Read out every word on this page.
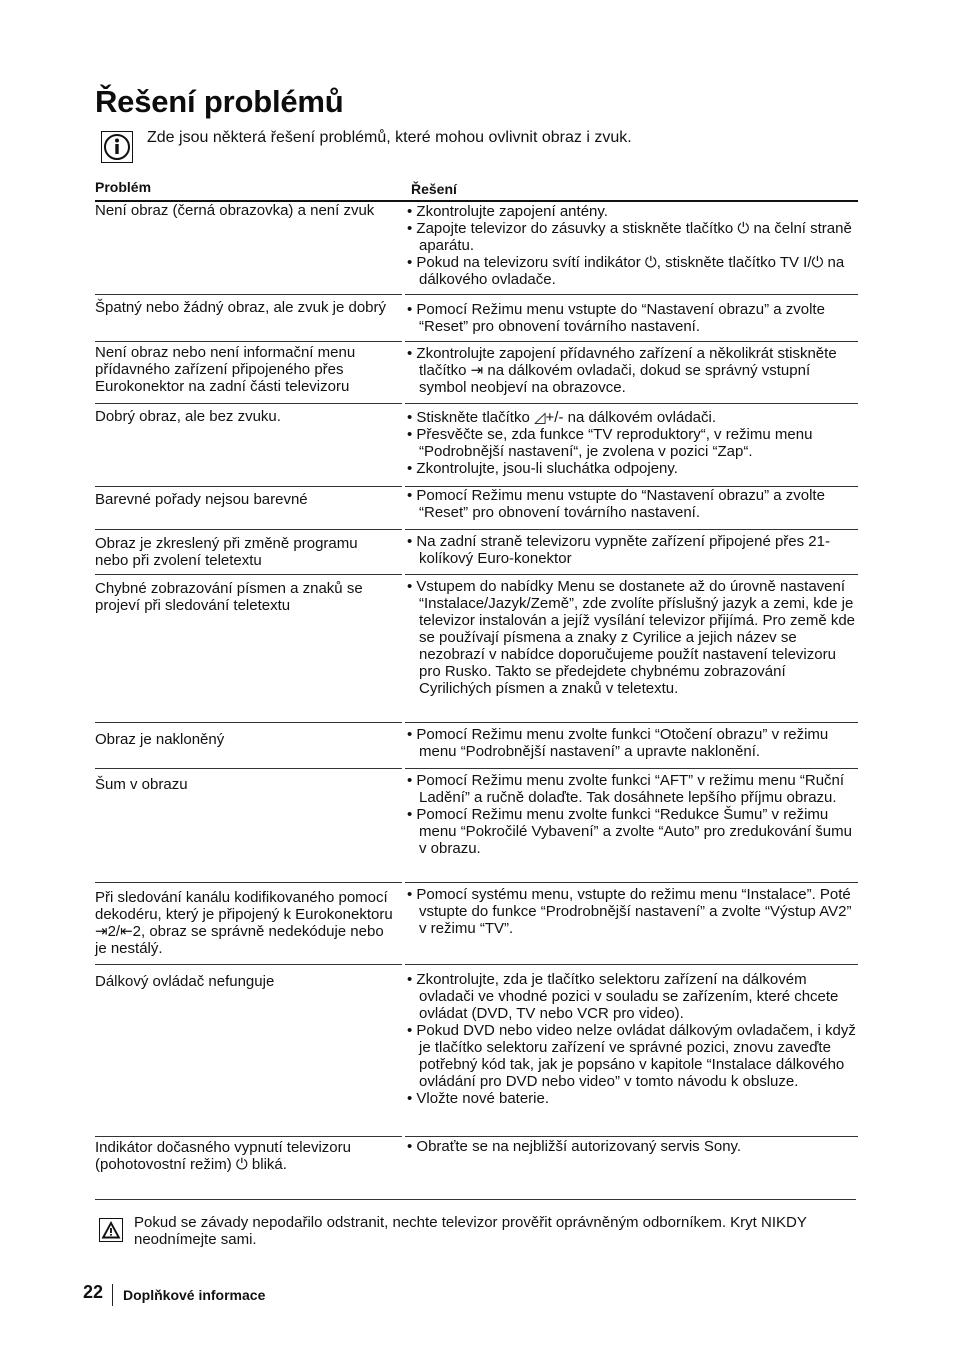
Řešení problémů
Zde jsou některá řešení problémů, které mohou ovlivnit obraz i zvuk.
Problém	Řešení
Není obraz (černá obrazovka) a není zvuk	• Zkontrolujte zapojení antény.
• Zapojte televizor do zásuvky a stiskněte tlačítko ⏻ na čelní straně aparátu.
• Pokud na televizoru svítí indikátor ⏻, stiskněte tlačítko TV I/⏻ na dálkového ovladače.
Špatný nebo žádný obraz, ale zvuk je dobrý	• Pomocí Režimu menu vstupte do “Nastavení obrazu” a zvolte “Reset” pro obnovení továrního nastavení.
Není obraz nebo není informační menu přídavného zařízení připojeného přes Eurokonektor na zadní části televizoru
• Zkontrolujte zapojení přídavného zařízení a několikrát stiskněte tlačítko ⇥ na dálkovém ovladači, dokud se správný vstupní symbol neobjeví na obrazovce.
Dobrý obraz, ale bez zvuku.	• Stiskněte tlačítko ◿+/- na dálkovém ovládači.
• Přesvěčte se, zda funkce “TV reproduktory“, v režimu menu “Podrobnější nastavení“, je zvolena v pozici “Zap“.
• Zkontrolujte, jsou-li sluchátka odpojeny.
Barevné pořady nejsou barevné	• Pomocí Režimu menu vstupte do “Nastavení obrazu” a zvolte “Reset” pro obnovení továrního nastavení.
Obraz je zkreslený při změně programu nebo při zvolení teletextu
• Na zadní straně televizoru vypněte zařízení připojené přes 21-kolíkový Euro-konektor
Chybné zobrazování písmen a znaků se projeví při sledování teletextu
• Vstupem do nabídky Menu se dostanete až do úrovně nastavení “Instalace/Jazyk/Země”, zde zvolíte příslušný jazyk a zemi, kde je televizor instalován a jejíž vysílání televizor přijímá. Pro země kde se používají písmena a znaky z Cyrilice a jejich název se nezobrazí v nabídce doporučujeme použít nastavení televizoru pro Rusko. Takto se předejdete chybnému zobrazování Cyrilichých písmen a znaků v teletextu.
Obraz je nakloněný	• Pomocí Režimu menu zvolte funkci “Otočení obrazu” v režimu menu “Podrobnější nastavení” a upravte naklonění.
Šum v obrazu	• Pomocí Režimu menu zvolte funkci “AFT” v režimu menu “Ruční Ladění” a ručně dolaďte. Tak dosáhnete lepšího příjmu obrazu.
• Pomocí Režimu menu zvolte funkci “Redukce Šumu” v režimu menu “Pokročilé Vybavení” a zvolte “Auto” pro zredukování šumu v obrazu.
Při sledování kanálu kodifikovaného pomocí dekodéru, který je připojený k Eurokonektoru ⇥2/⇤2, obraz se správně nedekóduje nebo je nestálý.
• Pomocí systému menu, vstupte do režimu menu “Instalace”. Poté vstupte do funkce “Prodrobnější nastavení” a zvolte “Výstup AV2” v režimu “TV”.
Dálkový ovládač nefunguje	• Zkontrolujte, zda je tlačítko selektoru zařízení na dálkovém ovladači ve vhodné pozici v souladu se zařízením, které chcete ovládat (DVD, TV nebo VCR pro video).
• Pokud DVD nebo video nelze ovládat dálkovým ovladačem, i když je tlačítko selektoru zařízení ve správné pozici, znovu zaveďte potřebný kód tak, jak je popsáno v kapitole “Instalace dálkového ovládání pro DVD nebo video” v tomto návodu k obsluze.
• Vložte nové baterie.
Indikátor dočasného vypnutí televizoru (pohotovostní režim) ⏻ bliká.
• Obraťte se na nejbližší autorizovaný servis Sony.
Pokud se závady nepodařilo odstranit, nechte televizor prověřit oprávněným odborníkem. Kryt NIKDY neodnímejte sami.
22 Doplňkové informace
